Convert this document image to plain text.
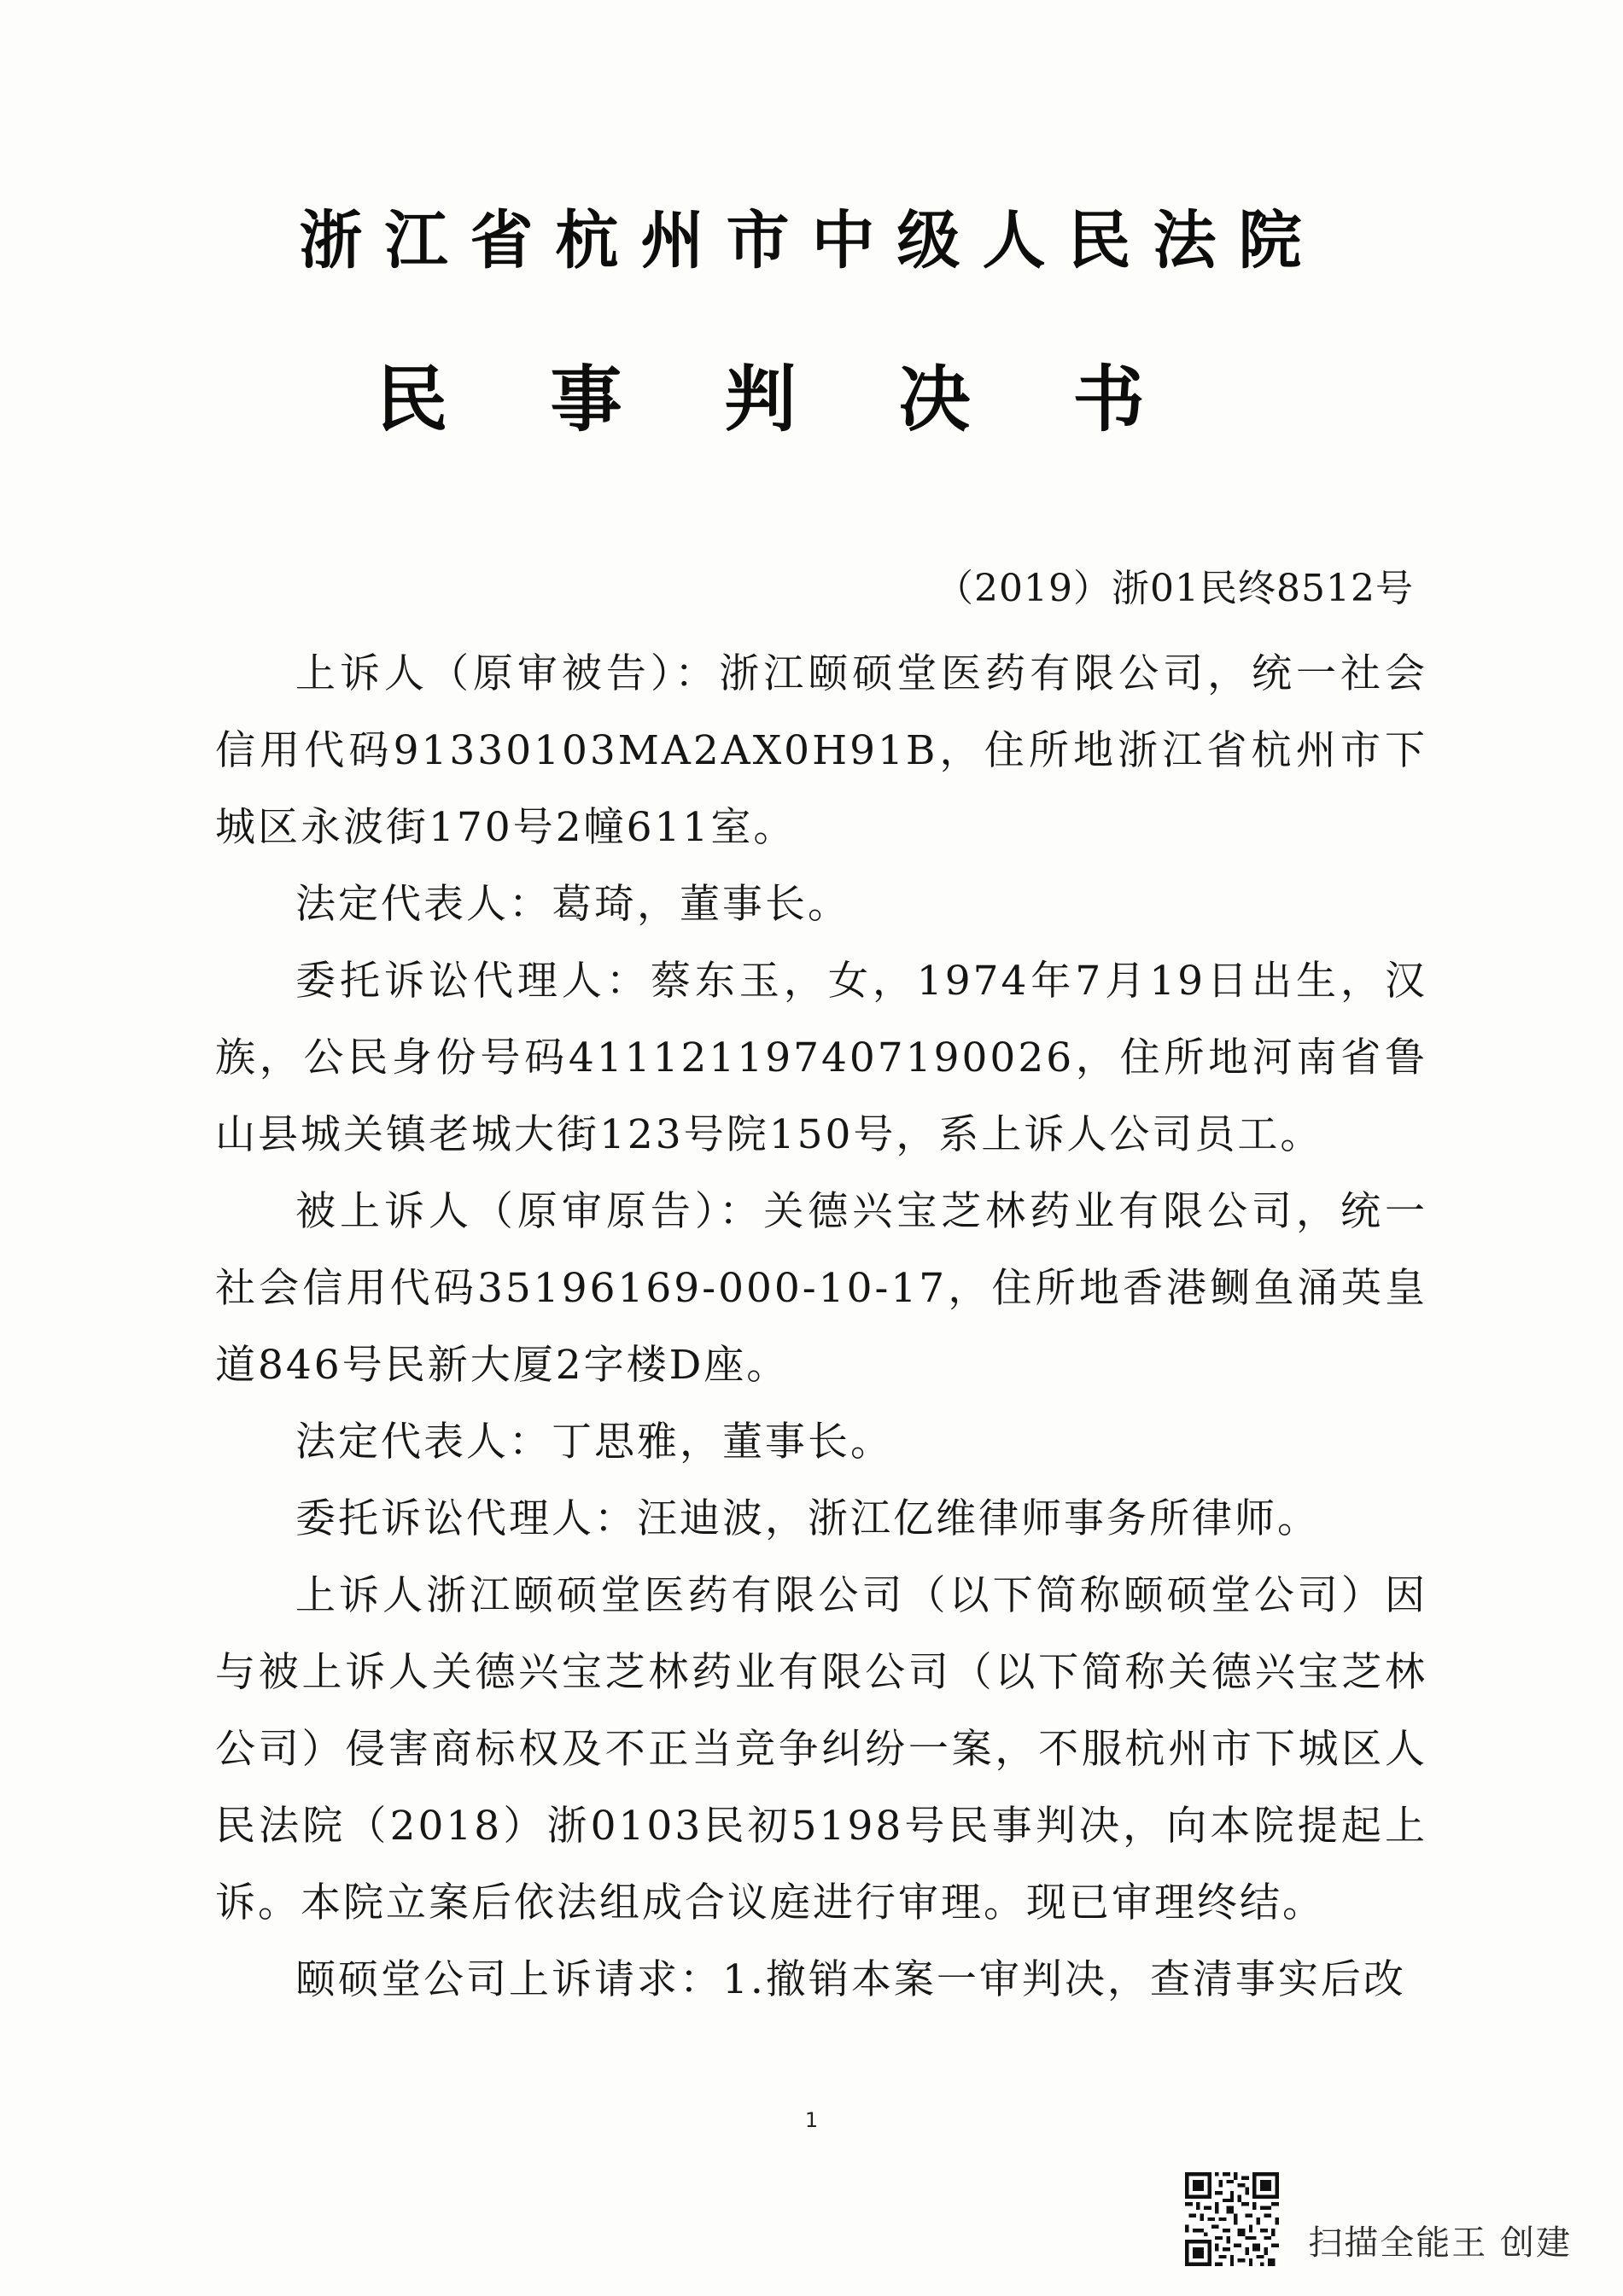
浙江省杭州市中级人民法院
民事判决书
（2019）浙01民终8512号

上诉人（原审被告）：浙江颐硕堂医药有限公司，统一社会信用代码91330103MA2AX0H91B，住所地浙江省杭州市下城区永波街170号2幢611室。

法定代表人：葛琦，董事长。

委托诉讼代理人：蔡东玉，女，1974年7月19日出生，汉族，公民身份号码411121197407190026，住所地河南省鲁山县城关镇老城大街123号院150号，系上诉人公司员工。

被上诉人（原审原告）：关德兴宝芝林药业有限公司，统一社会信用代码35196169-000-10-17，住所地香港鲗鱼涌英皇道846号民新大厦2字楼D座。

法定代表人：丁思雅，董事长。

委托诉讼代理人：汪迪波，浙江亿维律师事务所律师。

上诉人浙江颐硕堂医药有限公司（以下简称颐硕堂公司）因与被上诉人关德兴宝芝林药业有限公司（以下简称关德兴宝芝林公司）侵害商标权及不正当竞争纠纷一案，不服杭州市下城区人民法院（2018）浙0103民初5198号民事判决，向本院提起上诉。本院立案后依法组成合议庭进行审理。现已审理终结。

颐硕堂公司上诉请求：1.撤销本案一审判决，查清事实后改

1
扫描全能王 创建
